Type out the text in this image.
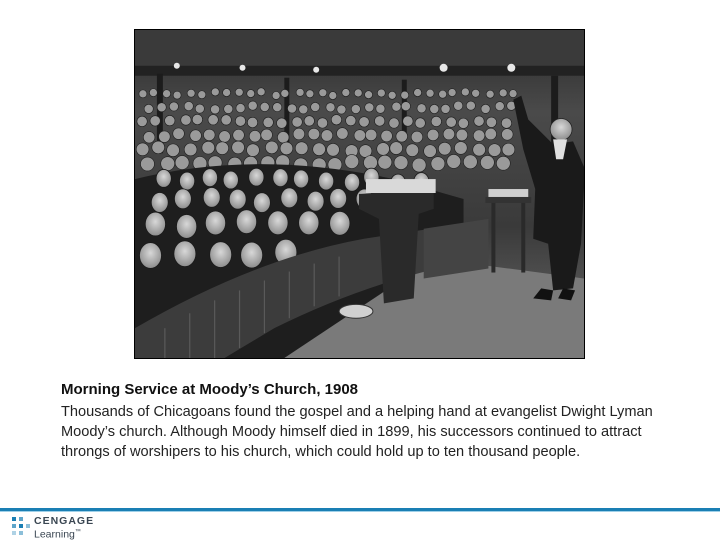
Morning Service at Moody’s Church, 1908
Thousands of Chicagoans found the gospel and a helping hand at evangelist Dwight Lyman Moody’s church. Although Moody himself died in 1899, his successors continued to attract throngs of worshipers to his church, which could hold up to ten thousand people.
CENGAGE
Learning™
